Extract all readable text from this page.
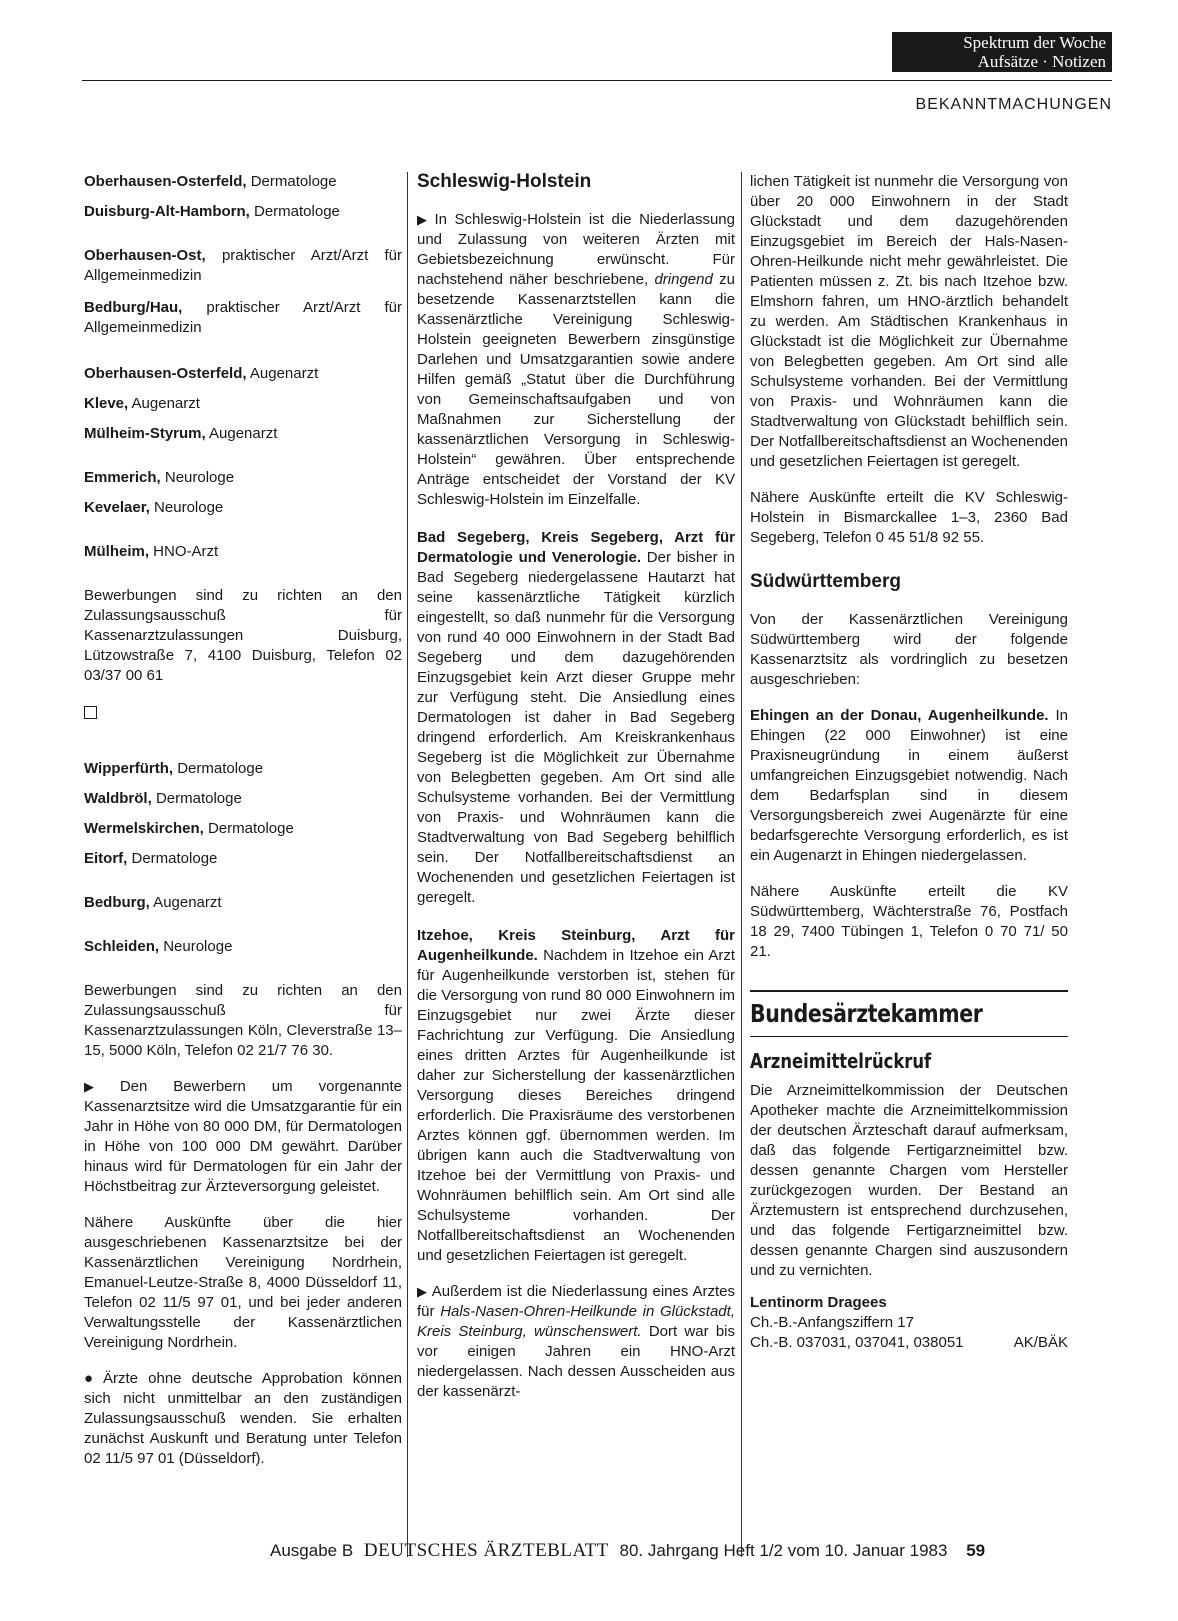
Spektrum der Woche
Aufsätze · Notizen
BEKANNTMACHUNGEN
Oberhausen-Osterfeld, Dermatologe
Duisburg-Alt-Hamborn, Dermatologe

Oberhausen-Ost, praktischer Arzt/Arzt für Allgemeinmedizin

Bedburg/Hau, praktischer Arzt/Arzt für Allgemeinmedizin

Oberhausen-Osterfeld, Augenarzt
Kleve, Augenarzt
Mülheim-Styrum, Augenarzt
Emmerich, Neurologe
Kevelaer, Neurologe
Mülheim, HNO-Arzt

Bewerbungen sind zu richten an den Zulassungsausschuß für Kassenarztzulassungen Duisburg, Lützowstraße 7, 4100 Duisburg, Telefon 02 03/37 00 61

Wipperfürth, Dermatologe
Waldbröl, Dermatologe
Wermelskirchen, Dermatologe
Eitorf, Dermatologe
Bedburg, Augenarzt
Schleiden, Neurologe

Bewerbungen sind zu richten an den Zulassungsausschuß für Kassenarztzulassungen Köln, Cleverstraße 13–15, 5000 Köln, Telefon 02 21/7 76 30.

▶ Den Bewerbern um vorgenannte Kassenarztsitze wird die Umsatzgarantie für ein Jahr in Höhe von 80 000 DM, für Dermatologen in Höhe von 100 000 DM gewährt. Darüber hinaus wird für Dermatologen für ein Jahr der Höchstbeitrag zur Ärzteversorgung geleistet.

Nähere Auskünfte über die hier ausgeschriebenen Kassenarztsitze bei der Kassenärztlichen Vereinigung Nordrhein, Emanuel-Leutze-Straße 8, 4000 Düsseldorf 11, Telefon 02 11/5 97 01, und bei jeder anderen Verwaltungsstelle der Kassenärztlichen Vereinigung Nordrhein.

● Ärzte ohne deutsche Approbation können sich nicht unmittelbar an den zuständigen Zulassungsausschuß wenden. Sie erhalten zunächst Auskunft und Beratung unter Telefon 02 11/5 97 01 (Düsseldorf).

Schleswig-Holstein

▶ In Schleswig-Holstein ist die Niederlassung und Zulassung von weiteren Ärzten mit Gebietsbezeichnung erwünscht. Für nachstehend näher beschriebene, dringend zu besetzende Kassenarztstellen kann die Kassenärztliche Vereinigung Schleswig-Holstein geeigneten Bewerbern zinsgünstige Darlehen und Umsatzgarantien sowie andere Hilfen gemäß „Statut über die Durchführung von Gemeinschaftsaufgaben und von Maßnahmen zur Sicherstellung der kassenärztlichen Versorgung in Schleswig-Holstein“ gewähren. Über entsprechende Anträge entscheidet der Vorstand der KV Schleswig-Holstein im Einzelfalle.

Bad Segeberg, Kreis Segeberg, Arzt für Dermatologie und Venerologie. Der bisher in Bad Segeberg niedergelassene Hautarzt hat seine kassenärztliche Tätigkeit kürzlich eingestellt, so daß nunmehr für die Versorgung von rund 40 000 Einwohnern in der Stadt Bad Segeberg und dem dazugehörenden Einzugsgebiet kein Arzt dieser Gruppe mehr zur Verfügung steht. Die Ansiedlung eines Dermatologen ist daher in Bad Segeberg dringend erforderlich. Am Kreiskrankenhaus Segeberg ist die Möglichkeit zur Übernahme von Belegbetten gegeben. Am Ort sind alle Schulsysteme vorhanden. Bei der Vermittlung von Praxis- und Wohnräumen kann die Stadtverwaltung von Bad Segeberg behilflich sein. Der Notfallbereitschaftsdienst an Wochenenden und gesetzlichen Feiertagen ist geregelt.

Itzehoe, Kreis Steinburg, Arzt für Augenheilkunde. Nachdem in Itzehoe ein Arzt für Augenheilkunde verstorben ist, stehen für die Versorgung von rund 80 000 Einwohnern im Einzugsgebiet nur zwei Ärzte dieser Fachrichtung zur Verfügung. Die Ansiedlung eines dritten Arztes für Augenheilkunde ist daher zur Sicherstellung der kassenärztlichen Versorgung dieses Bereiches dringend erforderlich. Die Praxisräume des verstorbenen Arztes können ggf. übernommen werden. Im übrigen kann auch die Stadtverwaltung von Itzehoe bei der Vermittlung von Praxis- und Wohnräumen behilflich sein. Am Ort sind alle Schulsysteme vorhanden. Der Notfallbereitschaftsdienst an Wochenenden und gesetzlichen Feiertagen ist geregelt.

▶ Außerdem ist die Niederlassung eines Arztes für Hals-Nasen-Ohren-Heilkunde in Glückstadt, Kreis Steinburg, wünschenswert. Dort war bis vor einigen Jahren ein HNO-Arzt niedergelassen. Nach dessen Ausscheiden aus der kassenärzt-

lichen Tätigkeit ist nunmehr die Versorgung von über 20 000 Einwohnern in der Stadt Glückstadt und dem dazugehörenden Einzugsgebiet im Bereich der Hals-Nasen-Ohren-Heilkunde nicht mehr gewährleistet. Die Patienten müssen z. Zt. bis nach Itzehoe bzw. Elmshorn fahren, um HNO-ärztlich behandelt zu werden. Am Städtischen Krankenhaus in Glückstadt ist die Möglichkeit zur Übernahme von Belegbetten gegeben. Am Ort sind alle Schulsysteme vorhanden. Bei der Vermittlung von Praxis- und Wohnräumen kann die Stadtverwaltung von Glückstadt behilflich sein. Der Notfallbereitschaftsdienst an Wochenenden und gesetzlichen Feiertagen ist geregelt.

Nähere Auskünfte erteilt die KV Schleswig-Holstein in Bismarckallee 1–3, 2360 Bad Segeberg, Telefon 0 45 51/8 92 55.

Südwürttemberg

Von der Kassenärztlichen Vereinigung Südwürttemberg wird der folgende Kassenarztsitz als vordringlich zu besetzen ausgeschrieben:

Ehingen an der Donau, Augenheilkunde. In Ehingen (22 000 Einwohner) ist eine Praxisneugründung in einem äußerst umfangreichen Einzugsgebiet notwendig. Nach dem Bedarfsplan sind in diesem Versorgungsbereich zwei Augenärzte für eine bedarfsgerechte Versorgung erforderlich, es ist ein Augenarzt in Ehingen niedergelassen.

Nähere Auskünfte erteilt die KV Südwürttemberg, Wächterstraße 76, Postfach 18 29, 7400 Tübingen 1, Telefon 0 70 71/ 50 21.

Bundesärztekammer
Arzneimittelrückruf

Die Arzneimittelkommission der Deutschen Apotheker machte die Arzneimittelkommission der deutschen Ärzteschaft darauf aufmerksam, daß das folgende Fertigarzneimittel bzw. dessen genannte Chargen vom Hersteller zurückgezogen wurden. Der Bestand an Ärztemustern ist entsprechend durchzusehen, und das folgende Fertigarzneimittel bzw. dessen genannte Chargen sind auszusondern und zu vernichten.

Lentinorm Dragees
Ch.-B.-Anfangsziffern 17
Ch.-B. 037031, 037041, 038051	AK/BÄK
Ausgabe B DEUTSCHES ÄRZTEBLATT 80. Jahrgang Heft 1/2 vom 10. Januar 1983 59
